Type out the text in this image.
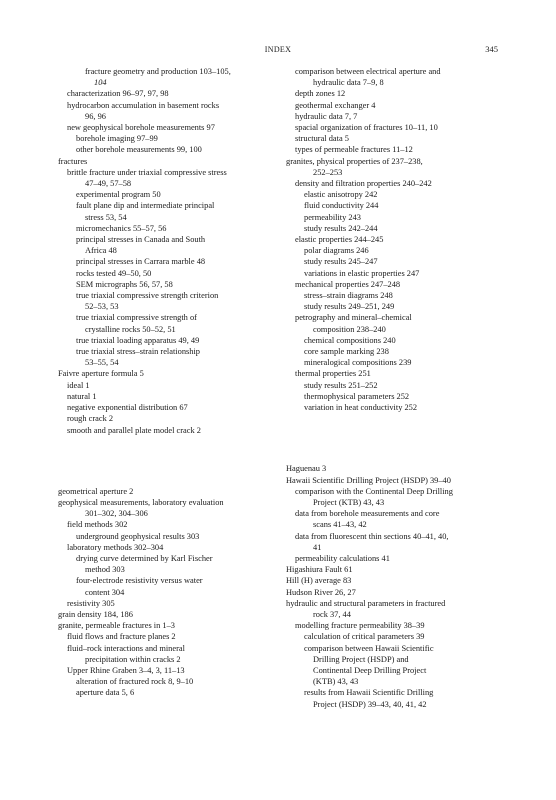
INDEX	345
fracture geometry and production 103–105,
104
characterization 96–97, 97, 98
hydrocarbon accumulation in basement rocks
96, 96
new geophysical borehole measurements 97
borehole imaging 97–99
other borehole measurements 99, 100
fractures
brittle fracture under triaxial compressive stress
47–49, 57–58
experimental program 50
fault plane dip and intermediate principal
stress 53, 54
micromechanics 55–57, 56
principal stresses in Canada and South
Africa 48
principal stresses in Carrara marble 48
rocks tested 49–50, 50
SEM micrographs 56, 57, 58
true triaxial compressive strength criterion
52–53, 53
true triaxial compressive strength of
crystalline rocks 50–52, 51
true triaxial loading apparatus 49, 49
true triaxial stress–strain relationship
53–55, 54
Faivre aperture formula 5
ideal 1
natural 1
negative exponential distribution 67
rough crack 2
smooth and parallel plate model crack 2
geometrical aperture 2
geophysical measurements, laboratory evaluation
301–302, 304–306
field methods 302
underground geophysical results 303
laboratory methods 302–304
drying curve determined by Karl Fischer
method 303
four-electrode resistivity versus water
content 304
resistivity 305
grain density 184, 186
granite, permeable fractures in 1–3
fluid flows and fracture planes 2
fluid–rock interactions and mineral
precipitation within cracks 2
Upper Rhine Graben 3–4, 3, 11–13
alteration of fractured rock 8, 9–10
aperture data 5, 6
comparison between electrical aperture and
hydraulic data 7–9, 8
depth zones 12
geothermal exchanger 4
hydraulic data 7, 7
spacial organization of fractures 10–11, 10
structural data 5
types of permeable fractures 11–12
granites, physical properties of 237–238,
252–253
density and filtration properties 240–242
elastic anisotropy 242
fluid conductivity 244
permeability 243
study results 242–244
elastic properties 244–245
polar diagrams 246
study results 245–247
variations in elastic properties 247
mechanical properties 247–248
stress–strain diagrams 248
study results 249–251, 249
petrography and mineral–chemical
composition 238–240
chemical compositions 240
core sample marking 238
mineralogical compositions 239
thermal properties 251
study results 251–252
thermophysical parameters 252
variation in heat conductivity 252
Haguenau 3
Hawaii Scientific Drilling Project (HSDP) 39–40
comparison with the Continental Deep Drilling
Project (KTB) 43, 43
data from borehole measurements and core
scans 41–43, 42
data from fluorescent thin sections 40–41, 40,
41
permeability calculations 41
Higashiura Fault 61
Hill (H) average 83
Hudson River 26, 27
hydraulic and structural parameters in fractured
rock 37, 44
modelling fracture permeability 38–39
calculation of critical parameters 39
comparison between Hawaii Scientific
Drilling Project (HSDP) and
Continental Deep Drilling Project
(KTB) 43, 43
results from Hawaii Scientific Drilling
Project (HSDP) 39–43, 40, 41, 42
